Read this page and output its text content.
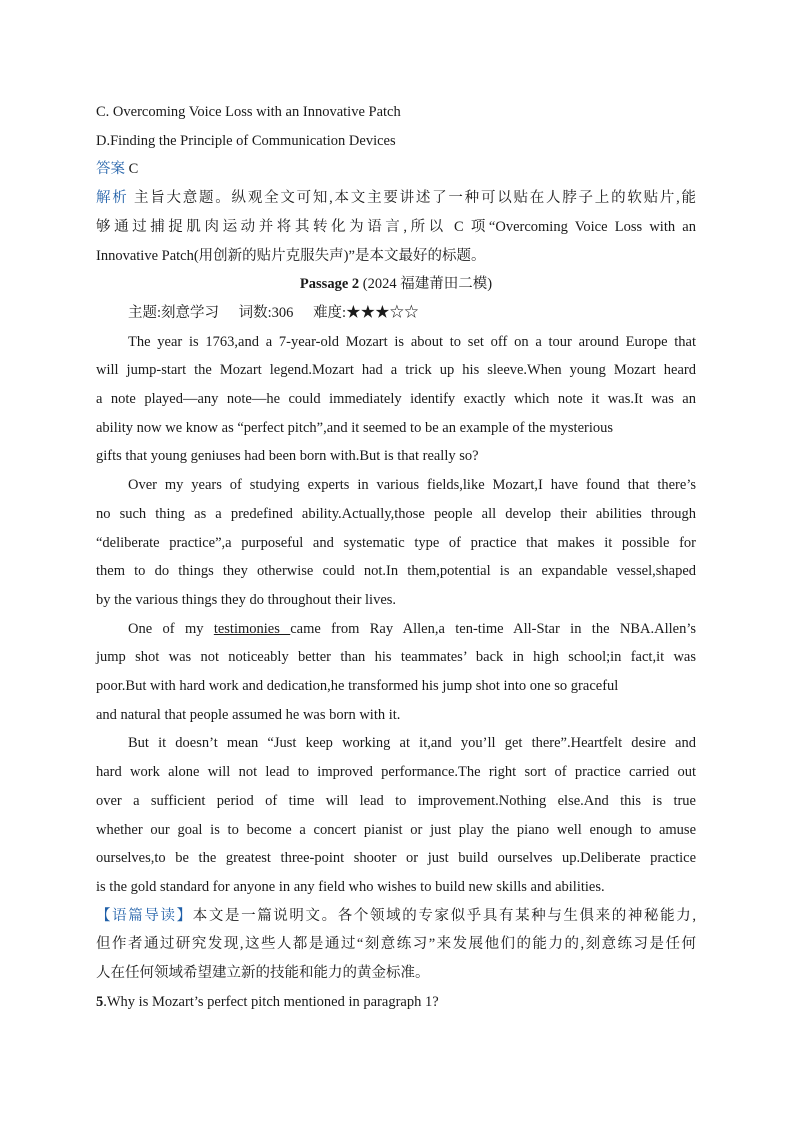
C. Overcoming Voice Loss with an Innovative Patch
D.Finding the Principle of Communication Devices
答案 C
解析 主旨大意题。纵观全文可知,本文主要讲述了一种可以贴在人脖子上的软贴片,能
够通过捕捉肌肉运动并将其转化为语言,所以 C 项“Overcoming Voice Loss with an
Innovative Patch(用创新的贴片克服失声)”是本文最好的标题。
Passage 2 (2024 福建莆田二模)
主题:刻意学习 词数:306 难度:★★★☆☆
The year is 1763,and a 7-year-old Mozart is about to set off on a tour around Europe that
will jump-start the Mozart legend.Mozart had a trick up his sleeve.When young Mozart heard
a note played—any note—he could immediately identify exactly which note it was.It was an
ability now we know as “perfect pitch”,and it seemed to be an example of the mysterious
gifts that young geniuses had been born with.But is that really so?
Over my years of studying experts in various fields,like Mozart,I have found that there’s
no such thing as a predefined ability.Actually,those people all develop their abilities through
“deliberate practice”,a purposeful and systematic type of practice that makes it possible for
them to do things they otherwise could not.In them,potential is an expandable vessel,shaped
by the various things they do throughout their lives.
One of my testimonies came from Ray Allen,a ten-time All-Star in the NBA.Allen’s
jump shot was not noticeably better than his teammates’ back in high school;in fact,it was
poor.But with hard work and dedication,he transformed his jump shot into one so graceful
and natural that people assumed he was born with it.
But it doesn’t mean “Just keep working at it,and you’ll get there”.Heartfelt desire and
hard work alone will not lead to improved performance.The right sort of practice carried out
over a sufficient period of time will lead to improvement.Nothing else.And this is true
whether our goal is to become a concert pianist or just play the piano well enough to amuse
ourselves,to be the greatest three-point shooter or just build ourselves up.Deliberate practice
is the gold standard for anyone in any field who wishes to build new skills and abilities.
【语篇导读】本文是一篇说明文。各个领域的专家似乎具有某种与生俱来的神秘能力,
但作者通过研究发现,这些人都是通过“刻意练习”来发展他们的能力的,刻意练习是任何
人在任何领域希望建立新的技能和能力的黄金标准。
5.Why is Mozart’s perfect pitch mentioned in paragraph 1?
